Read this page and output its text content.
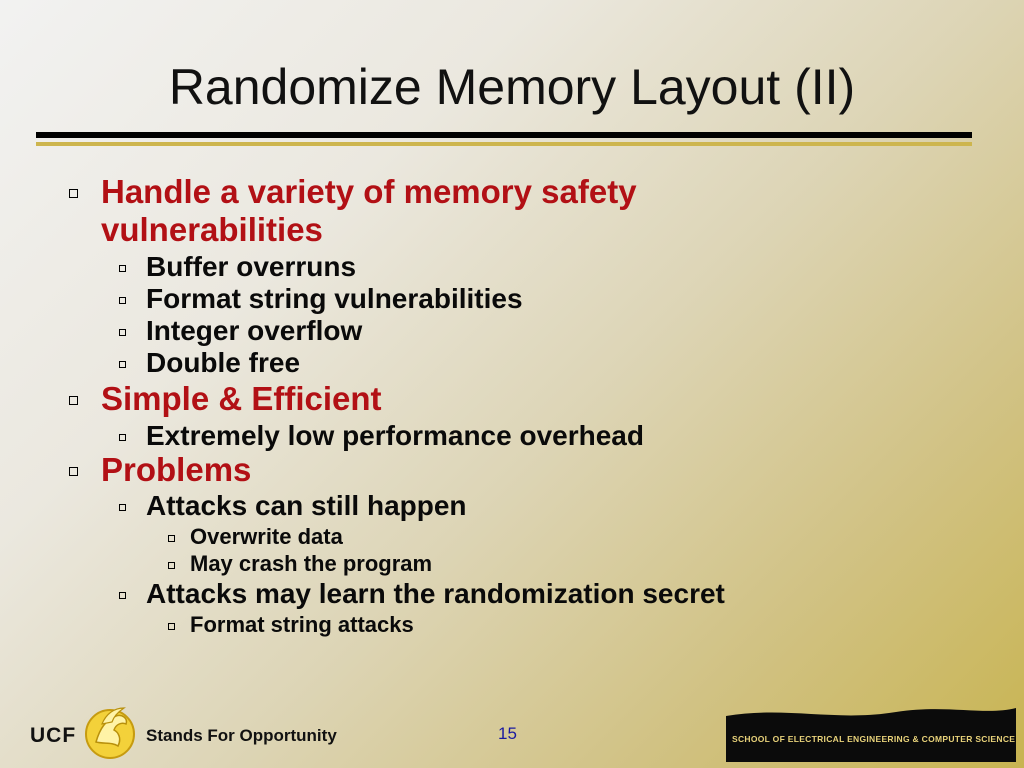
Randomize Memory Layout (II)
Handle a variety of memory safety
vulnerabilities
Buffer overruns
Format string vulnerabilities
Integer overflow
Double free
Simple & Efficient
Extremely low performance overhead
Problems
Attacks can still happen
Overwrite data
May crash the program
Attacks may learn the randomization secret
Format string attacks
UCF	Stands For Opportunity	15	SCHOOL OF ELECTRICAL ENGINEERING & COMPUTER SCIENCE
